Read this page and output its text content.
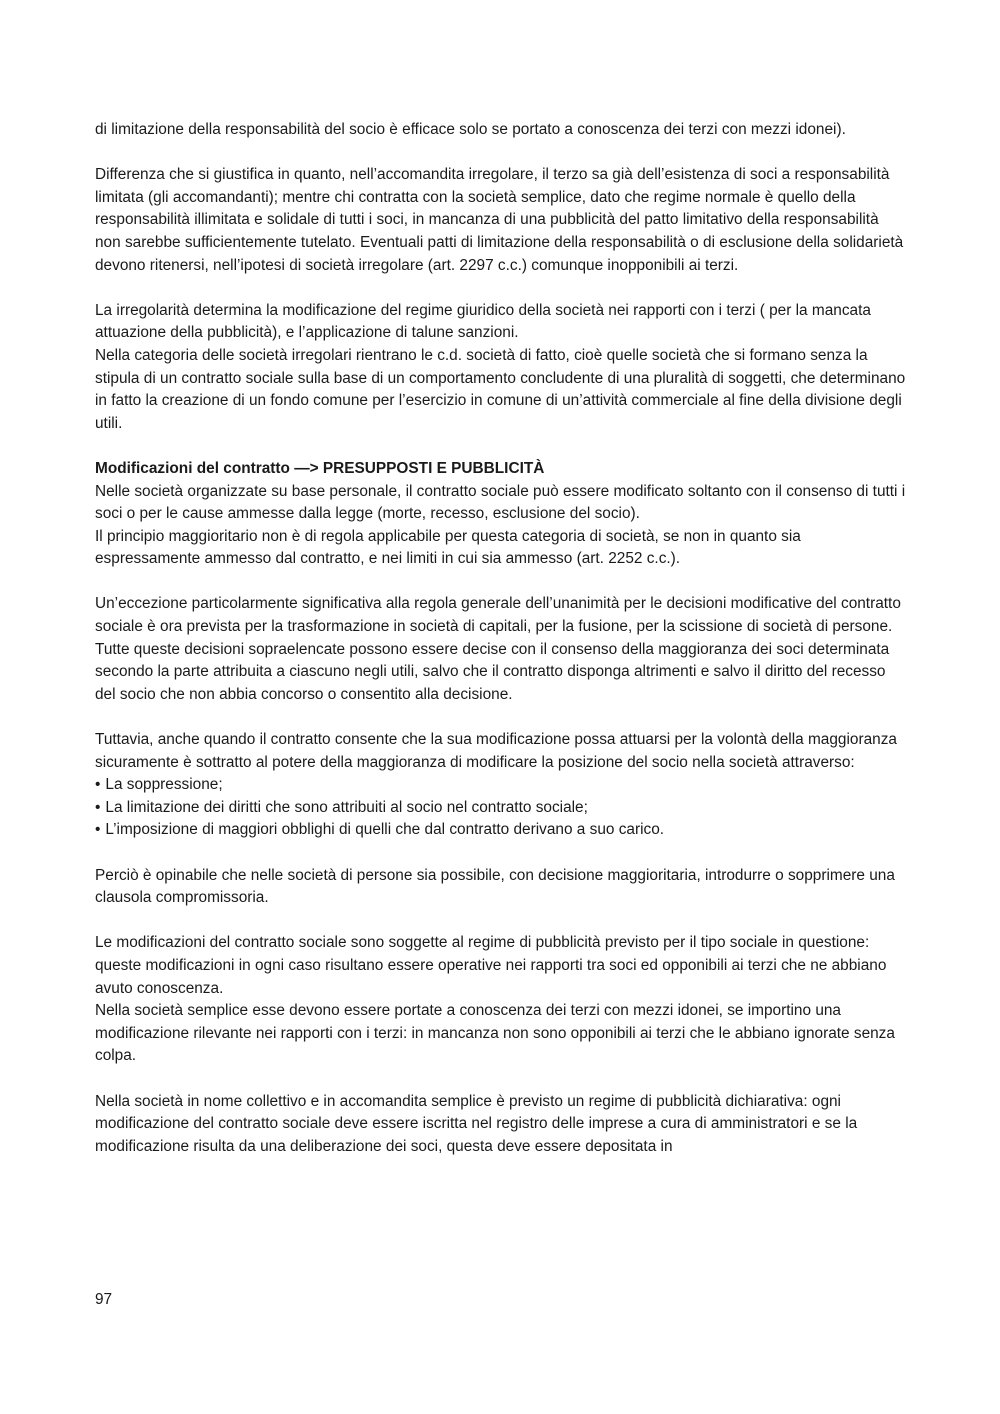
di limitazione della responsabilità del socio è efficace solo se portato a conoscenza dei terzi con mezzi idonei).

Differenza che si giustifica in quanto, nell’accomandita irregolare, il terzo sa già dell’esistenza di soci a responsabilità limitata (gli accomandanti); mentre chi contratta con la società semplice, dato che regime normale è quello della responsabilità illimitata e solidale di tutti i soci, in mancanza di una pubblicità del patto limitativo della responsabilità non sarebbe sufficientemente tutelato. Eventuali patti di limitazione della responsabilità o di esclusione della solidarietà devono ritenersi, nell’ipotesi di società irregolare (art. 2297 c.c.) comunque inopponibili ai terzi.

La irregolarità determina la modificazione del regime giuridico della società nei rapporti con i terzi ( per la mancata attuazione della pubblicità), e l’applicazione di talune sanzioni.
Nella categoria delle società irregolari rientrano le c.d. società di fatto, cioè quelle società che si formano senza la stipula di un contratto sociale sulla base di un comportamento concludente di una pluralità di soggetti, che determinano in fatto la creazione di un fondo comune per l’esercizio in comune di un’attività commerciale al fine della divisione degli utili.
Modificazioni del contratto —> PRESUPPOSTI E PUBBLICITÀ
Nelle società organizzate su base personale, il contratto sociale può essere modificato soltanto con il consenso di tutti i soci o per le cause ammesse dalla legge (morte, recesso, esclusione del socio).
Il principio maggioritario non è di regola applicabile per questa categoria di società, se non in quanto sia espressamente ammesso dal contratto, e nei limiti in cui sia ammesso (art. 2252 c.c.).

Un’eccezione particolarmente significativa alla regola generale dell’unanimità per le decisioni modificative del contratto sociale è ora prevista per la trasformazione in società di capitali, per la fusione, per la scissione di società di persone. Tutte queste decisioni sopraelencate possono essere decise con il consenso della maggioranza dei soci determinata secondo la parte attribuita a ciascuno negli utili, salvo che il contratto disponga altrimenti e salvo il diritto del recesso del socio che non abbia concorso o consentito alla decisione.

Tuttavia, anche quando il contratto consente che la sua modificazione possa attuarsi per la volontà della maggioranza sicuramente è sottratto al potere della maggioranza di modificare la posizione del socio nella società attraverso:
• La soppressione;
• La limitazione dei diritti che sono attribuiti al socio nel contratto sociale;
• L’imposizione di maggiori obblighi di quelli che dal contratto derivano a suo carico.

Perciò è opinabile che nelle società di persone sia possibile, con decisione maggioritaria, introdurre o sopprimere una clausola compromissoria.

Le modificazioni del contratto sociale sono soggette al regime di pubblicità previsto per il tipo sociale in questione: queste modificazioni in ogni caso risultano essere operative nei rapporti tra soci ed opponibili ai terzi che ne abbiano avuto conoscenza.
Nella società semplice esse devono essere portate a conoscenza dei terzi con mezzi idonei, se importino una modificazione rilevante nei rapporti con i terzi: in mancanza non sono opponibili ai terzi che le abbiano ignorate senza colpa.

Nella società in nome collettivo e in accomandita semplice è previsto un regime di pubblicità dichiarativa: ogni modificazione del contratto sociale deve essere iscritta nel registro delle imprese a cura di amministratori e se la modificazione risulta da una deliberazione dei soci, questa deve essere depositata in

97
